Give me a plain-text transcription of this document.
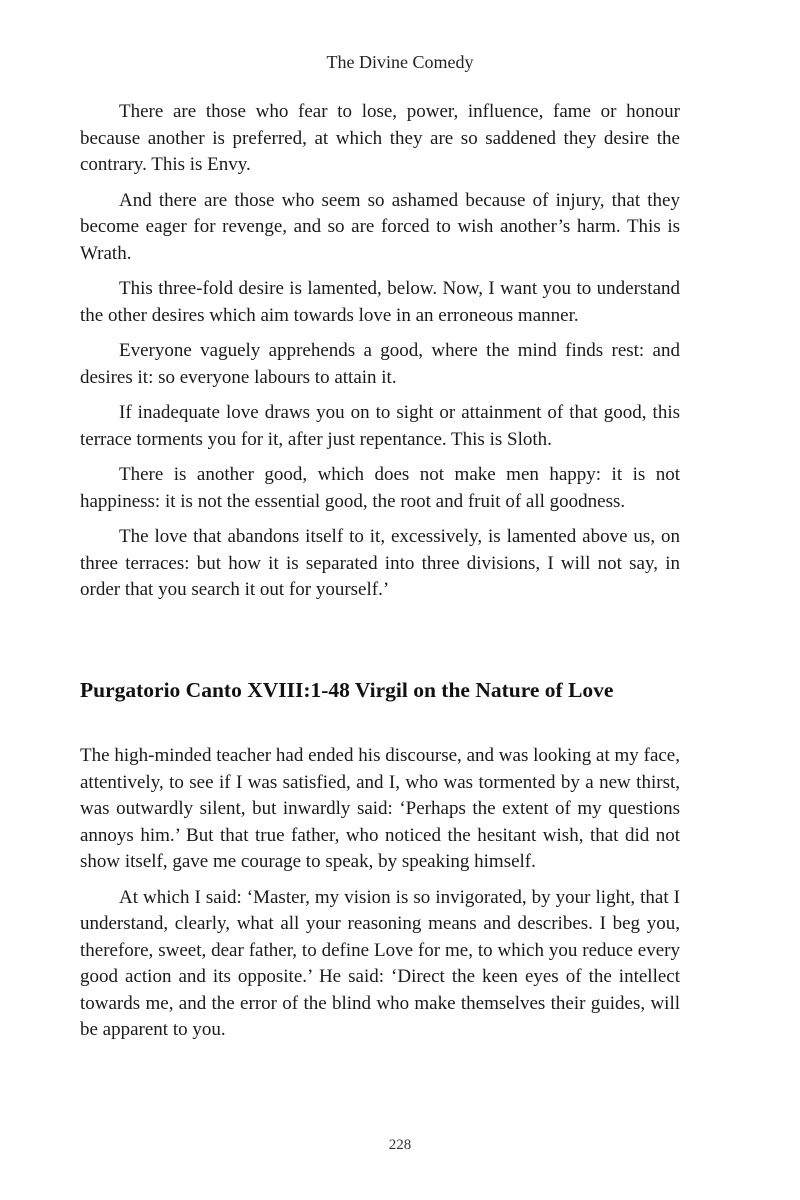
The Divine Comedy

There are those who fear to lose, power, influence, fame or honour because another is preferred, at which they are so saddened they desire the contrary. This is Envy.

And there are those who seem so ashamed because of injury, that they become eager for revenge, and so are forced to wish another’s harm. This is Wrath.

This three-fold desire is lamented, below. Now, I want you to understand the other desires which aim towards love in an erroneous manner.

Everyone vaguely apprehends a good, where the mind finds rest: and desires it: so everyone labours to attain it.

If inadequate love draws you on to sight or attainment of that good, this terrace torments you for it, after just repentance. This is Sloth.

There is another good, which does not make men happy: it is not happiness: it is not the essential good, the root and fruit of all goodness.

The love that abandons itself to it, excessively, is lamented above us, on three terraces: but how it is separated into three divisions, I will not say, in order that you search it out for yourself.’

Purgatorio Canto XVIII:1-48 Virgil on the Nature of Love

The high-minded teacher had ended his discourse, and was looking at my face, attentively, to see if I was satisfied, and I, who was tormented by a new thirst, was outwardly silent, but inwardly said: ‘Perhaps the extent of my questions annoys him.’ But that true father, who noticed the hesitant wish, that did not show itself, gave me courage to speak, by speaking himself.

At which I said: ‘Master, my vision is so invigorated, by your light, that I understand, clearly, what all your reasoning means and describes. I beg you, therefore, sweet, dear father, to define Love for me, to which you reduce every good action and its opposite.’ He said: ‘Direct the keen eyes of the intellect towards me, and the error of the blind who make themselves their guides, will be apparent to you.

228
